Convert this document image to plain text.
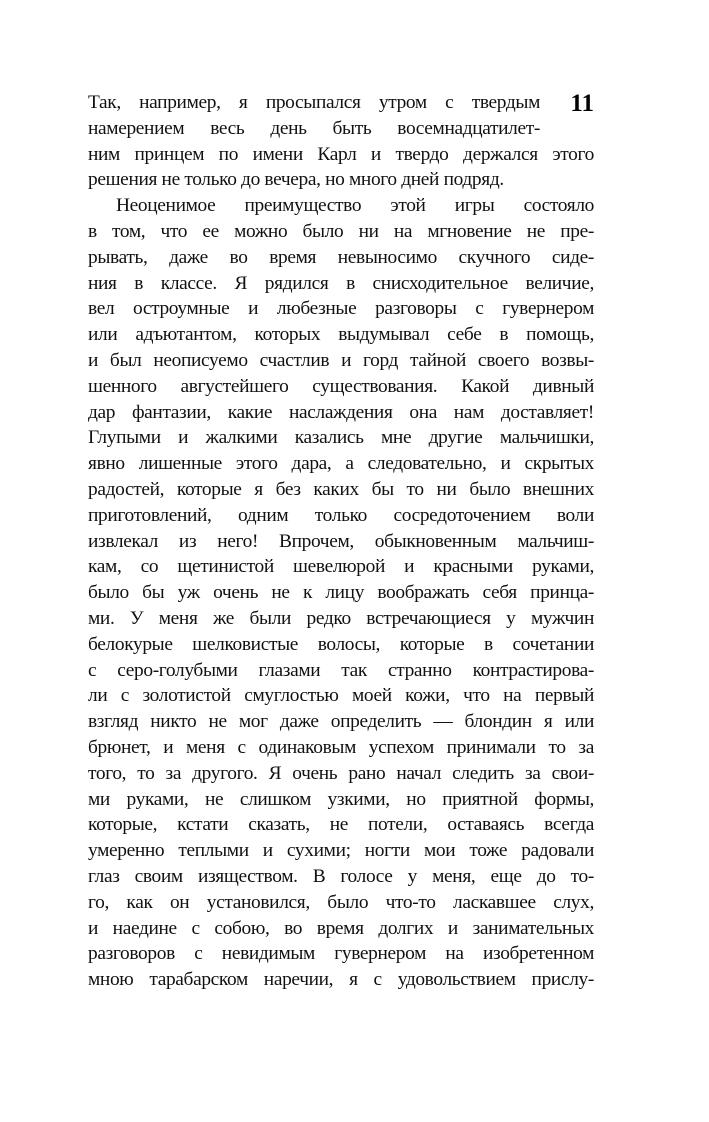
11
Так, например, я просыпался утром с твердым
намерением весь день быть восемнадцатилет-
ним принцем по имени Карл и твердо держался этого
решения не только до вечера, но много дней подряд.
Неоценимое преимущество этой игры состояло
в том, что ее можно было ни на мгновение не пре-
рывать, даже во время невыносимо скучного сиде-
ния в классе. Я рядился в снисходительное величие,
вел остроумные и любезные разговоры с гувернером
или адъютантом, которых выдумывал себе в помощь,
и был неописуемо счастлив и горд тайной своего возвы-
шенного августейшего существования. Какой дивный
дар фантазии, какие наслаждения она нам доставляет!
Глупыми и жалкими казались мне другие мальчишки,
явно лишенные этого дара, а следовательно, и скрытых
радостей, которые я без каких бы то ни было внешних
приготовлений, одним только сосредоточением воли
извлекал из него! Впрочем, обыкновенным мальчиш-
кам, со щетинистой шевелюрой и красными руками,
было бы уж очень не к лицу воображать себя принца-
ми. У меня же были редко встречающиеся у мужчин
белокурые шелковистые волосы, которые в сочетании
с серо-голубыми глазами так странно контрастирова-
ли с золотистой смуглостью моей кожи, что на первый
взгляд никто не мог даже определить — блондин я или
брюнет, и меня с одинаковым успехом принимали то за
того, то за другого. Я очень рано начал следить за свои-
ми руками, не слишком узкими, но приятной формы,
которые, кстати сказать, не потели, оставаясь всегда
умеренно теплыми и сухими; ногти мои тоже радовали
глаз своим изяществом. В голосе у меня, еще до то-
го, как он установился, было что-то ласкавшее слух,
и наедине с собою, во время долгих и занимательных
разговоров с невидимым гувернером на изобретенном
мною тарабарском наречии, я с удовольствием прислу-
